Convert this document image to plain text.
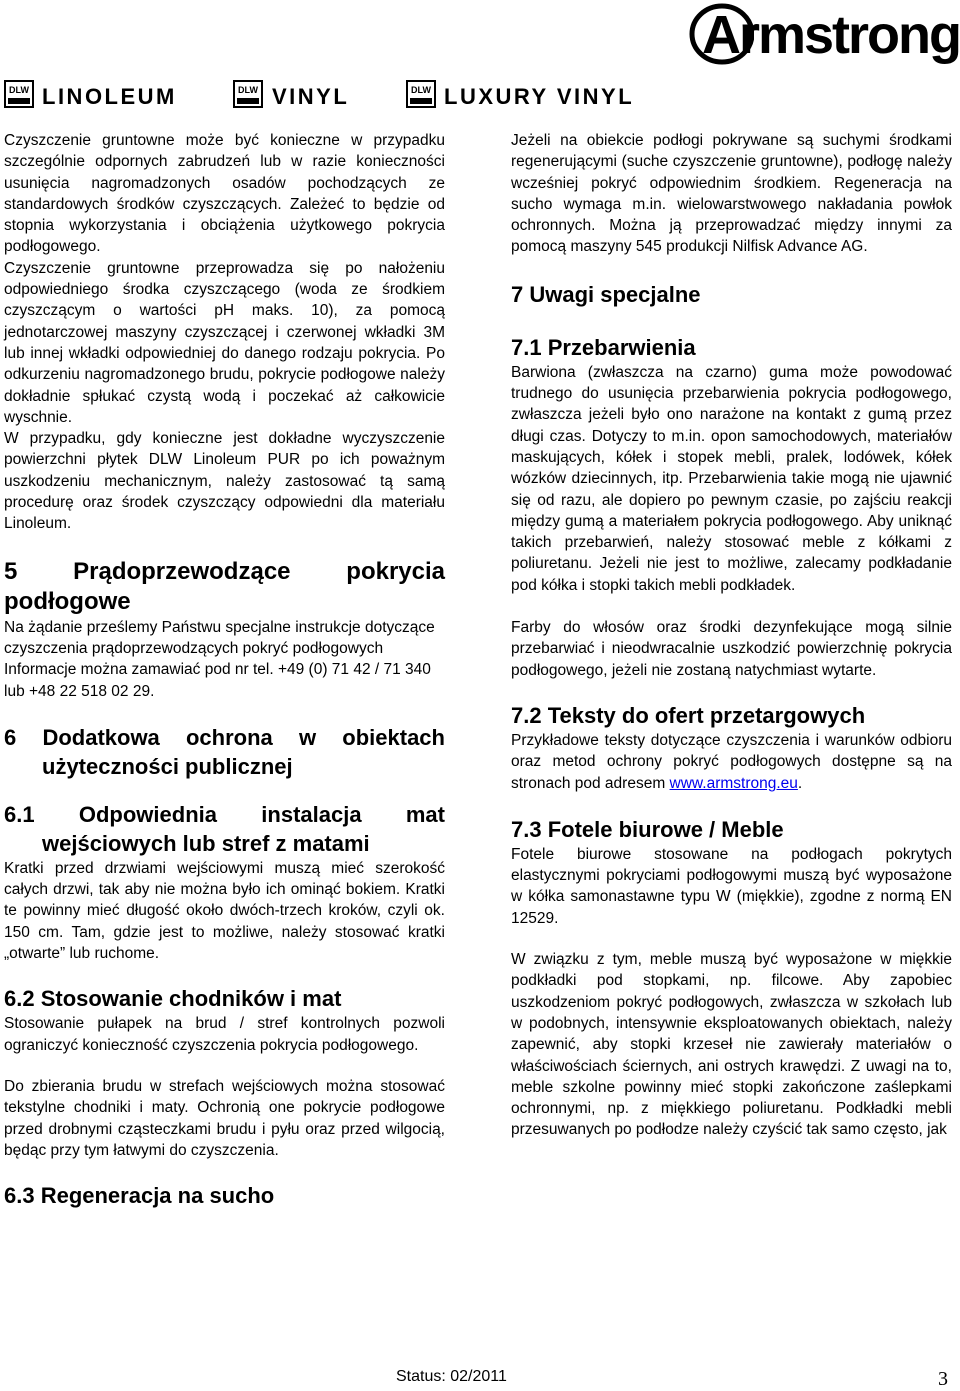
Armstrong
DLW LINOLEUM	DLW VINYL	DLW LUXURY VINYL

Czyszczenie gruntowne może być konieczne w przypadku szczególnie odpornych zabrudzeń lub w razie konieczności usunięcia nagromadzonych osadów pochodzących ze standardowych środków czyszczących. Zależeć to będzie od stopnia wykorzystania i obciążenia użytkowego pokrycia podłogowego.

Czyszczenie gruntowne przeprowadza się po nałożeniu odpowiedniego środka czyszczącego (woda ze środkiem czyszczącym o wartości pH maks. 10), za pomocą jednotarczowej maszyny czyszczącej i czerwonej wkładki 3M lub innej wkładki odpowiedniej do danego rodzaju pokrycia. Po odkurzeniu nagromadzonego brudu, pokrycie podłogowe należy dokładnie spłukać czystą wodą i poczekać aż całkowicie wyschnie.

W przypadku, gdy konieczne jest dokładne wyczyszczenie powierzchni płytek DLW Linoleum PUR po ich poważnym uszkodzeniu mechanicznym, należy zastosować tą samą procedurę oraz środek czyszczący odpowiedni dla materiału Linoleum.

5 Prądoprzewodzące pokrycia podłogowe

Na żądanie prześlemy Państwu specjalne instrukcje dotyczące czyszczenia prądoprzewodzących pokryć podłogowych

Informacje można zamawiać pod nr tel. +49 (0) 71 42 / 71 340 lub +48 22 518 02 29.

6 Dodatkowa ochrona w obiektach użyteczności publicznej
6.1 Odpowiednia instalacja mat wejściowych lub stref z matami

Kratki przed drzwiami wejściowymi muszą mieć szerokość całych drzwi, tak aby nie można było ich ominąć bokiem. Kratki te powinny mieć długość około dwóch-trzech kroków, czyli ok. 150 cm. Tam, gdzie jest to możliwe, należy stosować kratki „otwarte” lub ruchome.

6.2 Stosowanie chodników i mat

Stosowanie pułapek na brud / stref kontrolnych pozwoli ograniczyć konieczność czyszczenia pokrycia podłogowego.

Do zbierania brudu w strefach wejściowych można stosować tekstylne chodniki i maty. Ochronią one pokrycie podłogowe przed drobnymi cząsteczkami brudu i pyłu oraz przed wilgocią, będąc przy tym łatwymi do czyszczenia.

6.3 Regeneracja na sucho

Jeżeli na obiekcie podłogi pokrywane są suchymi środkami regenerującymi (suche czyszczenie gruntowne), podłogę należy wcześniej pokryć odpowiednim środkiem. Regeneracja na sucho wymaga m.in. wielowarstwowego nakładania powłok ochronnych. Można ją przeprowadzać między innymi za pomocą maszyny 545 produkcji Nilfisk Advance AG.

7 Uwagi specjalne
7.1 Przebarwienia

Barwiona (zwłaszcza na czarno) guma może powodować trudnego do usunięcia przebarwienia pokrycia podłogowego, zwłaszcza jeżeli było ono narażone na kontakt z gumą przez długi czas. Dotyczy to m.in. opon samochodowych, materiałów maskujących, kółek i stopek mebli, pralek, lodówek, kółek wózków dziecinnych, itp. Przebarwienia takie mogą nie ujawnić się od razu, ale dopiero po pewnym czasie, po zajściu reakcji między gumą a materiałem pokrycia podłogowego. Aby uniknąć takich przebarwień, należy stosować meble z kółkami z poliuretanu. Jeżeli nie jest to możliwe, zalecamy podkładanie pod kółka i stopki takich mebli podkładek.

Farby do włosów oraz środki dezynfekujące mogą silnie przebarwiać i nieodwracalnie uszkodzić powierzchnię pokrycia podłogowego, jeżeli nie zostaną natychmiast wytarte.

7.2 Teksty do ofert przetargowych

Przykładowe teksty dotyczące czyszczenia i warunków odbioru oraz metod ochrony pokryć podłogowych dostępne są na stronach pod adresem www.armstrong.eu.

7.3 Fotele biurowe / Meble

Fotele biurowe stosowane na podłogach pokrytych elastycznymi pokryciami podłogowymi muszą być wyposażone w kółka samonastawne typu W (miękkie), zgodne z normą EN 12529.

W związku z tym, meble muszą być wyposażone w miękkie podkładki pod stopkami, np. filcowe. Aby zapobiec uszkodzeniom pokryć podłogowych, zwłaszcza w szkołach lub w podobnych, intensywnie eksploatowanych obiektach, należy zapewnić, aby stopki krzeseł nie zawierały materiałów o właściwościach ściernych, ani ostrych krawędzi. Z uwagi na to, meble szkolne powinny mieć stopki zakończone zaślepkami ochronnymi, np. z miękkiego poliuretanu. Podkładki mebli przesuwanych po podłodze należy czyścić tak samo często, jak

Status: 02/2011	3
